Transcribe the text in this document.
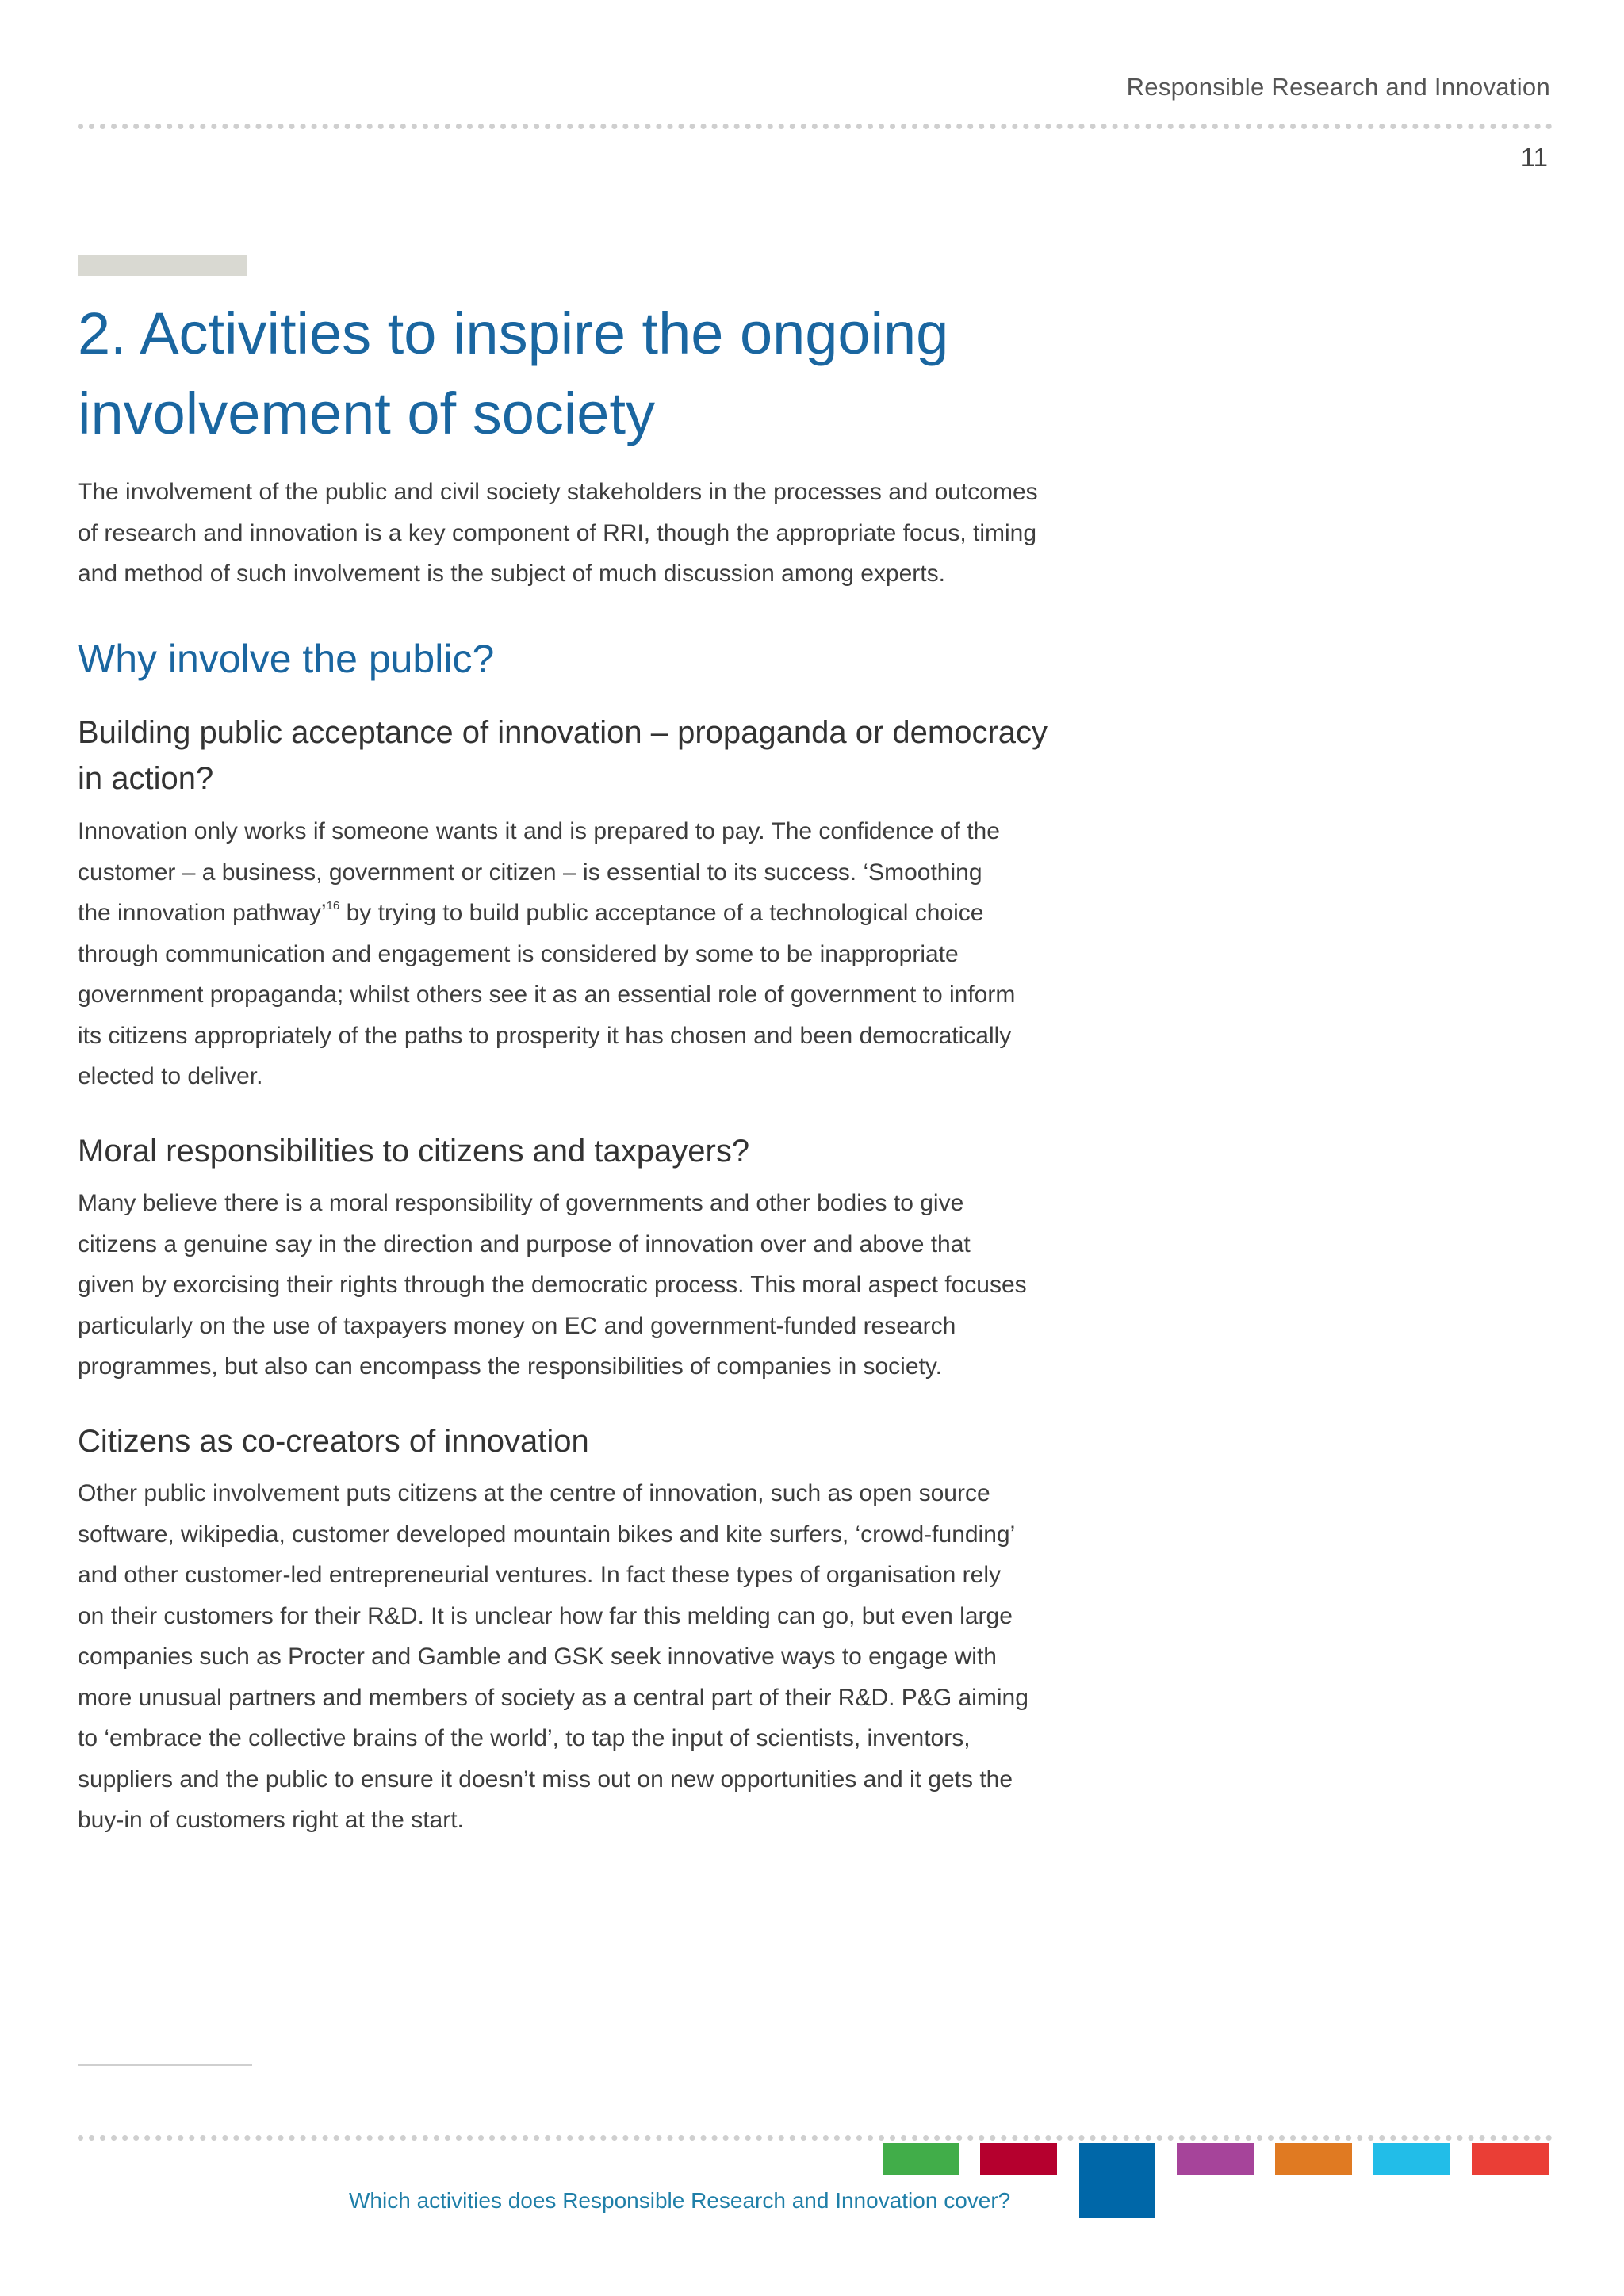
Responsible Research and Innovation
11
2. Activities to inspire the ongoing
involvement of society

The involvement of the public and civil society stakeholders in the processes and outcomes
of research and innovation is a key component of RRI, though the appropriate focus, timing
and method of such involvement is the subject of much discussion among experts.

Why involve the public?
Building public acceptance of innovation – propaganda or democracy
in action?

Innovation only works if someone wants it and is prepared to pay. The confidence of the
customer – a business, government or citizen – is essential to its success. ‘Smoothing
the innovation pathway’$^{16}$ by trying to build public acceptance of a technological choice
through communication and engagement is considered by some to be inappropriate
government propaganda; whilst others see it as an essential role of government to inform
its citizens appropriately of the paths to prosperity it has chosen and been democratically
elected to deliver.

Moral responsibilities to citizens and taxpayers?

Many believe there is a moral responsibility of governments and other bodies to give
citizens a genuine say in the direction and purpose of innovation over and above that
given by exorcising their rights through the democratic process. This moral aspect focuses
particularly on the use of taxpayers money on EC and government-funded research
programmes, but also can encompass the responsibilities of companies in society.

Citizens as co-creators of innovation

Other public involvement puts citizens at the centre of innovation, such as open source
software, wikipedia, customer developed mountain bikes and kite surfers, ‘crowd-funding’
and other customer-led entrepreneurial ventures. In fact these types of organisation rely
on their customers for their R&D. It is unclear how far this melding can go, but even large
companies such as Procter and Gamble and GSK seek innovative ways to engage with
more unusual partners and members of society as a central part of their R&D. P&G aiming
to ‘embrace the collective brains of the world’, to tap the input of scientists, inventors,
suppliers and the public to ensure it doesn’t miss out on new opportunities and it gets the
buy-in of customers right at the start.

Which activities does Responsible Research and Innovation cover?
